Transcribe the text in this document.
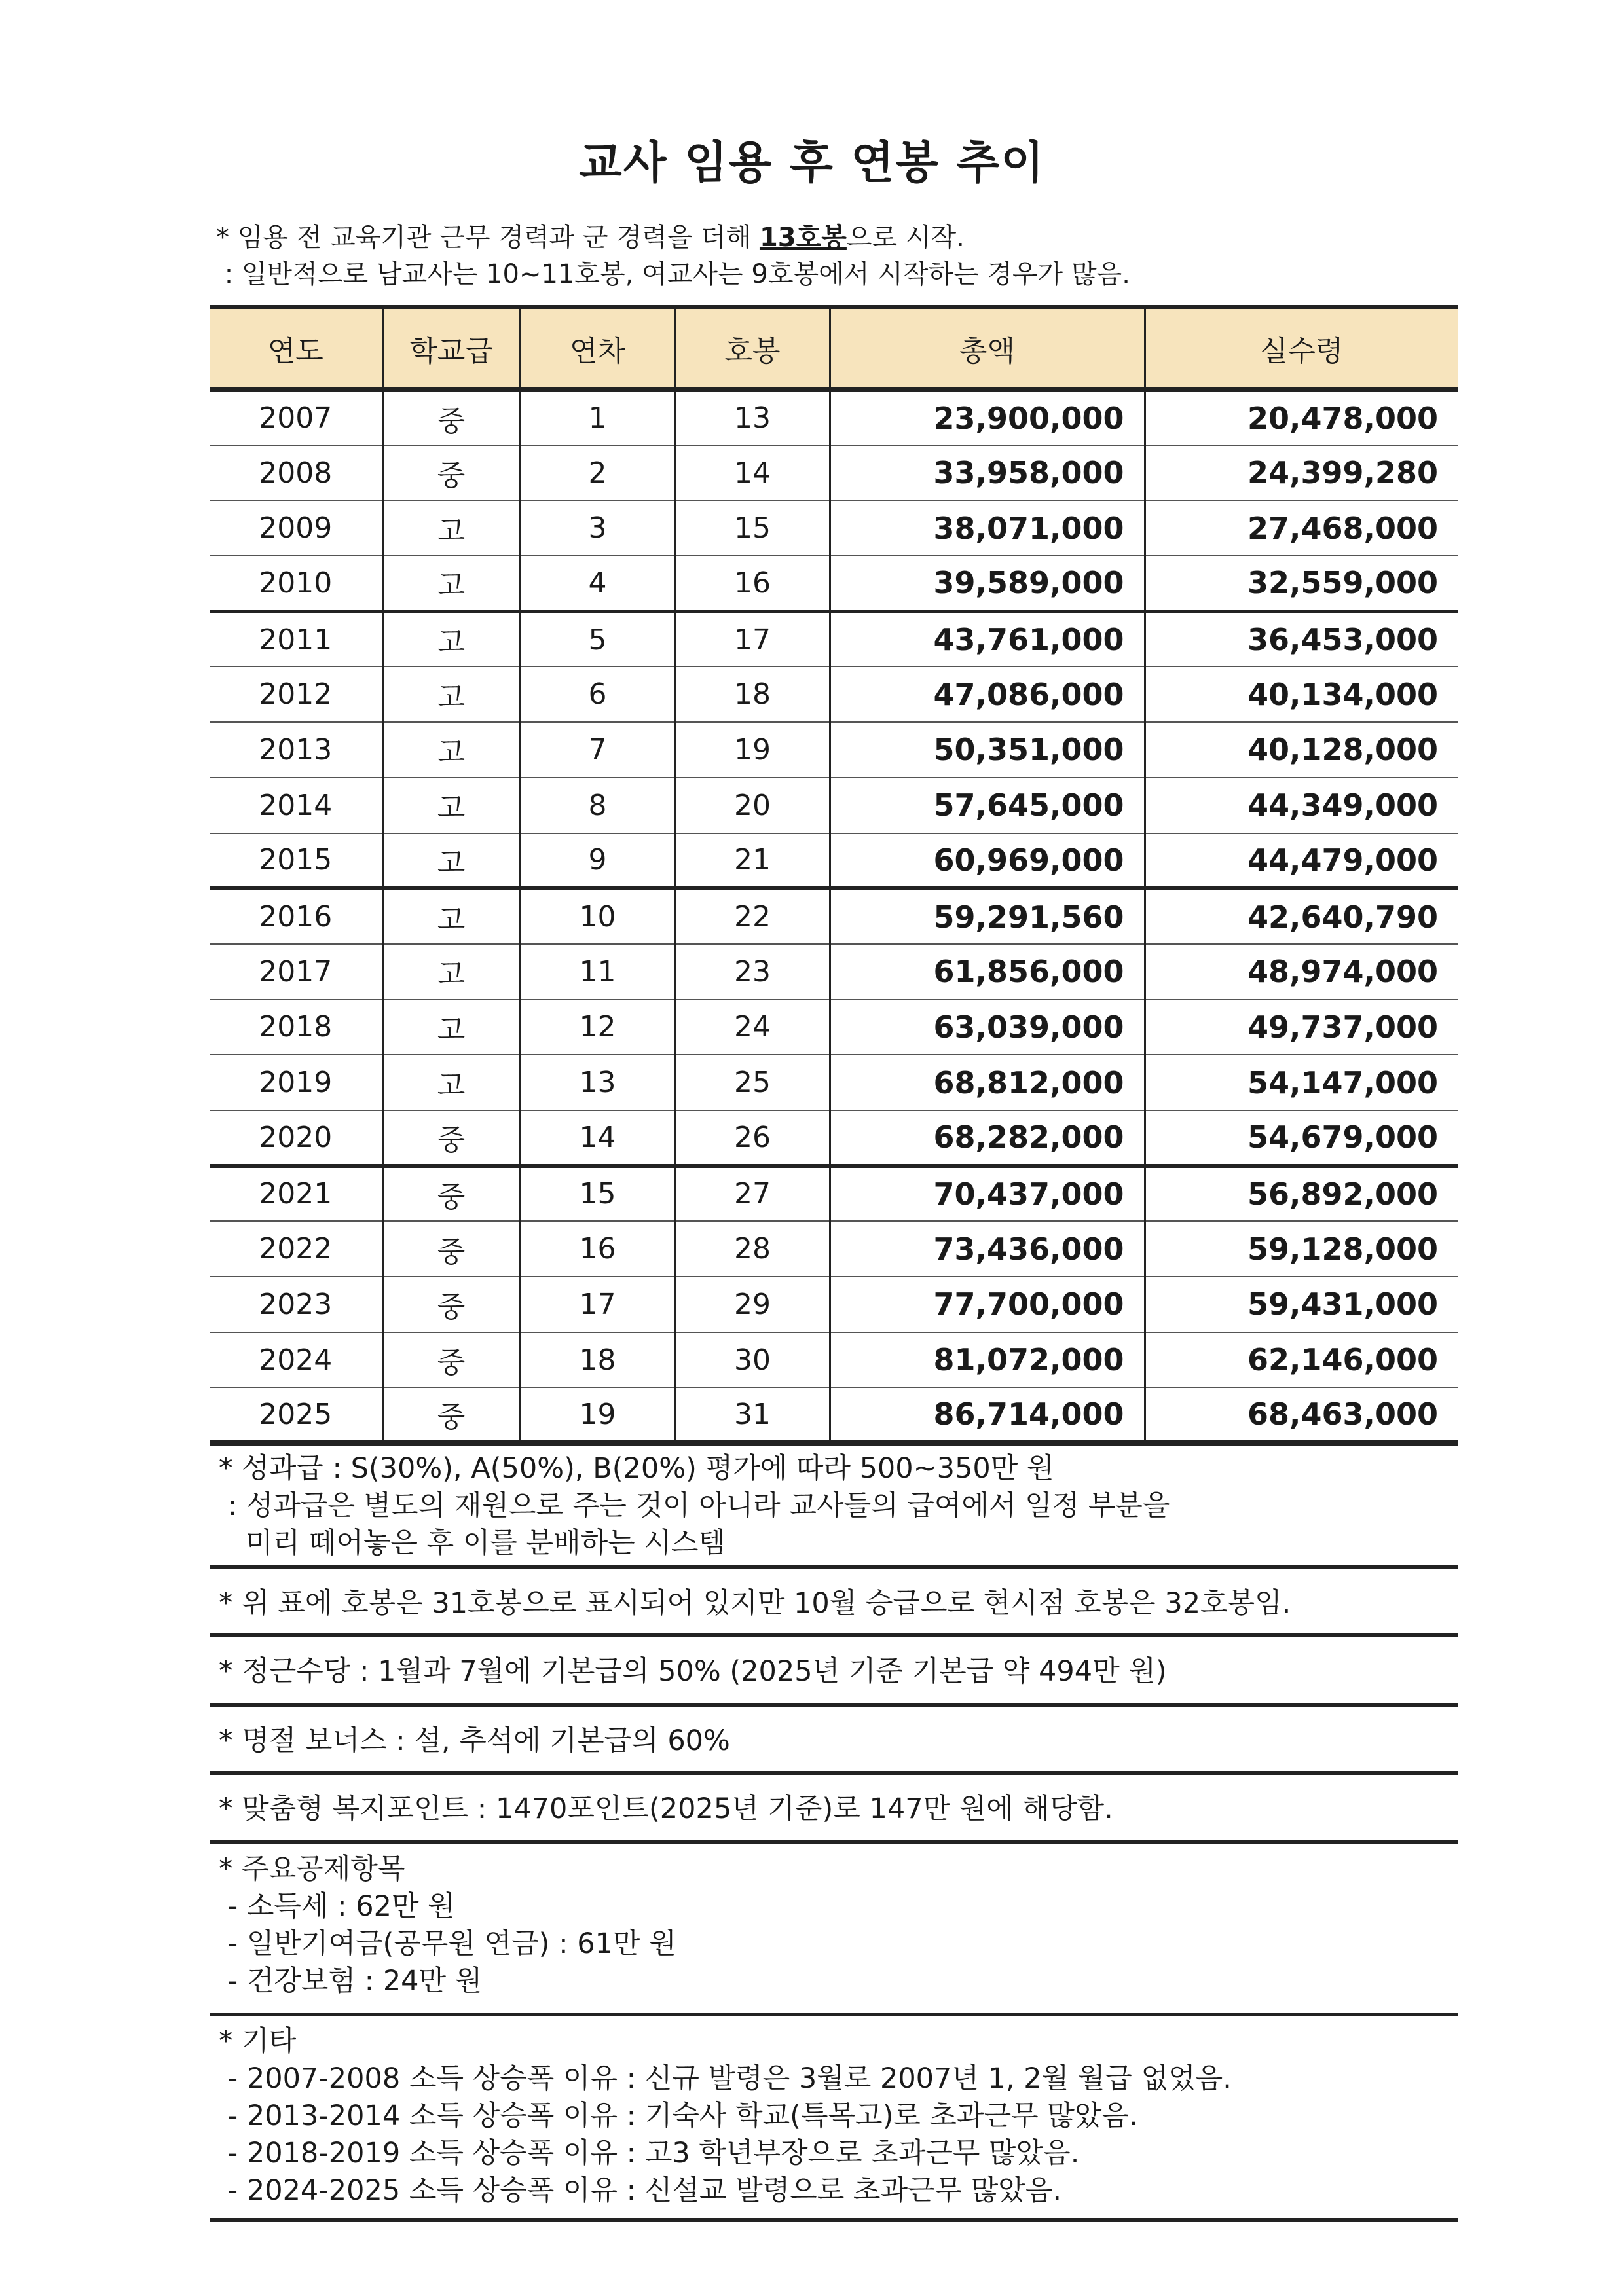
교사 임용 후 연봉 추이
* 임용 전 교육기관 근무 경력과 군 경력을 더해 13호봉으로 시작.
: 일반적으로 남교사는 10~11호봉, 여교사는 9호봉에서 시작하는 경우가 많음.
연도	학교급	연차	호봉	총액	실수령
2007	중	1	13	23,900,000	20,478,000
2008	중	2	14	33,958,000	24,399,280
2009	고	3	15	38,071,000	27,468,000
2010	고	4	16	39,589,000	32,559,000
2011	고	5	17	43,761,000	36,453,000
2012	고	6	18	47,086,000	40,134,000
2013	고	7	19	50,351,000	40,128,000
2014	고	8	20	57,645,000	44,349,000
2015	고	9	21	60,969,000	44,479,000
2016	고	10	22	59,291,560	42,640,790
2017	고	11	23	61,856,000	48,974,000
2018	고	12	24	63,039,000	49,737,000
2019	고	13	25	68,812,000	54,147,000
2020	중	14	26	68,282,000	54,679,000
2021	중	15	27	70,437,000	56,892,000
2022	중	16	28	73,436,000	59,128,000
2023	중	17	29	77,700,000	59,431,000
2024	중	18	30	81,072,000	62,146,000
2025	중	19	31	86,714,000	68,463,000
* 성과급 : S(30%), A(50%), B(20%) 평가에 따라 500~350만 원
: 성과급은 별도의 재원으로 주는 것이 아니라 교사들의 급여에서 일정 부분을
미리 떼어놓은 후 이를 분배하는 시스템
* 위 표에 호봉은 31호봉으로 표시되어 있지만 10월 승급으로 현시점 호봉은 32호봉임.
* 정근수당 : 1월과 7월에 기본급의 50% (2025년 기준 기본급 약 494만 원)
* 명절 보너스 : 설, 추석에 기본급의 60%
* 맞춤형 복지포인트 : 1470포인트(2025년 기준)로 147만 원에 해당함.
* 주요공제항목
- 소득세 : 62만 원
- 일반기여금(공무원 연금) : 61만 원
- 건강보험 : 24만 원
* 기타
- 2007-2008 소득 상승폭 이유 : 신규 발령은 3월로 2007년 1, 2월 월급 없었음.
- 2013-2014 소득 상승폭 이유 : 기숙사 학교(특목고)로 초과근무 많았음.
- 2018-2019 소득 상승폭 이유 : 고3 학년부장으로 초과근무 많았음.
- 2024-2025 소득 상승폭 이유 : 신설교 발령으로 초과근무 많았음.
